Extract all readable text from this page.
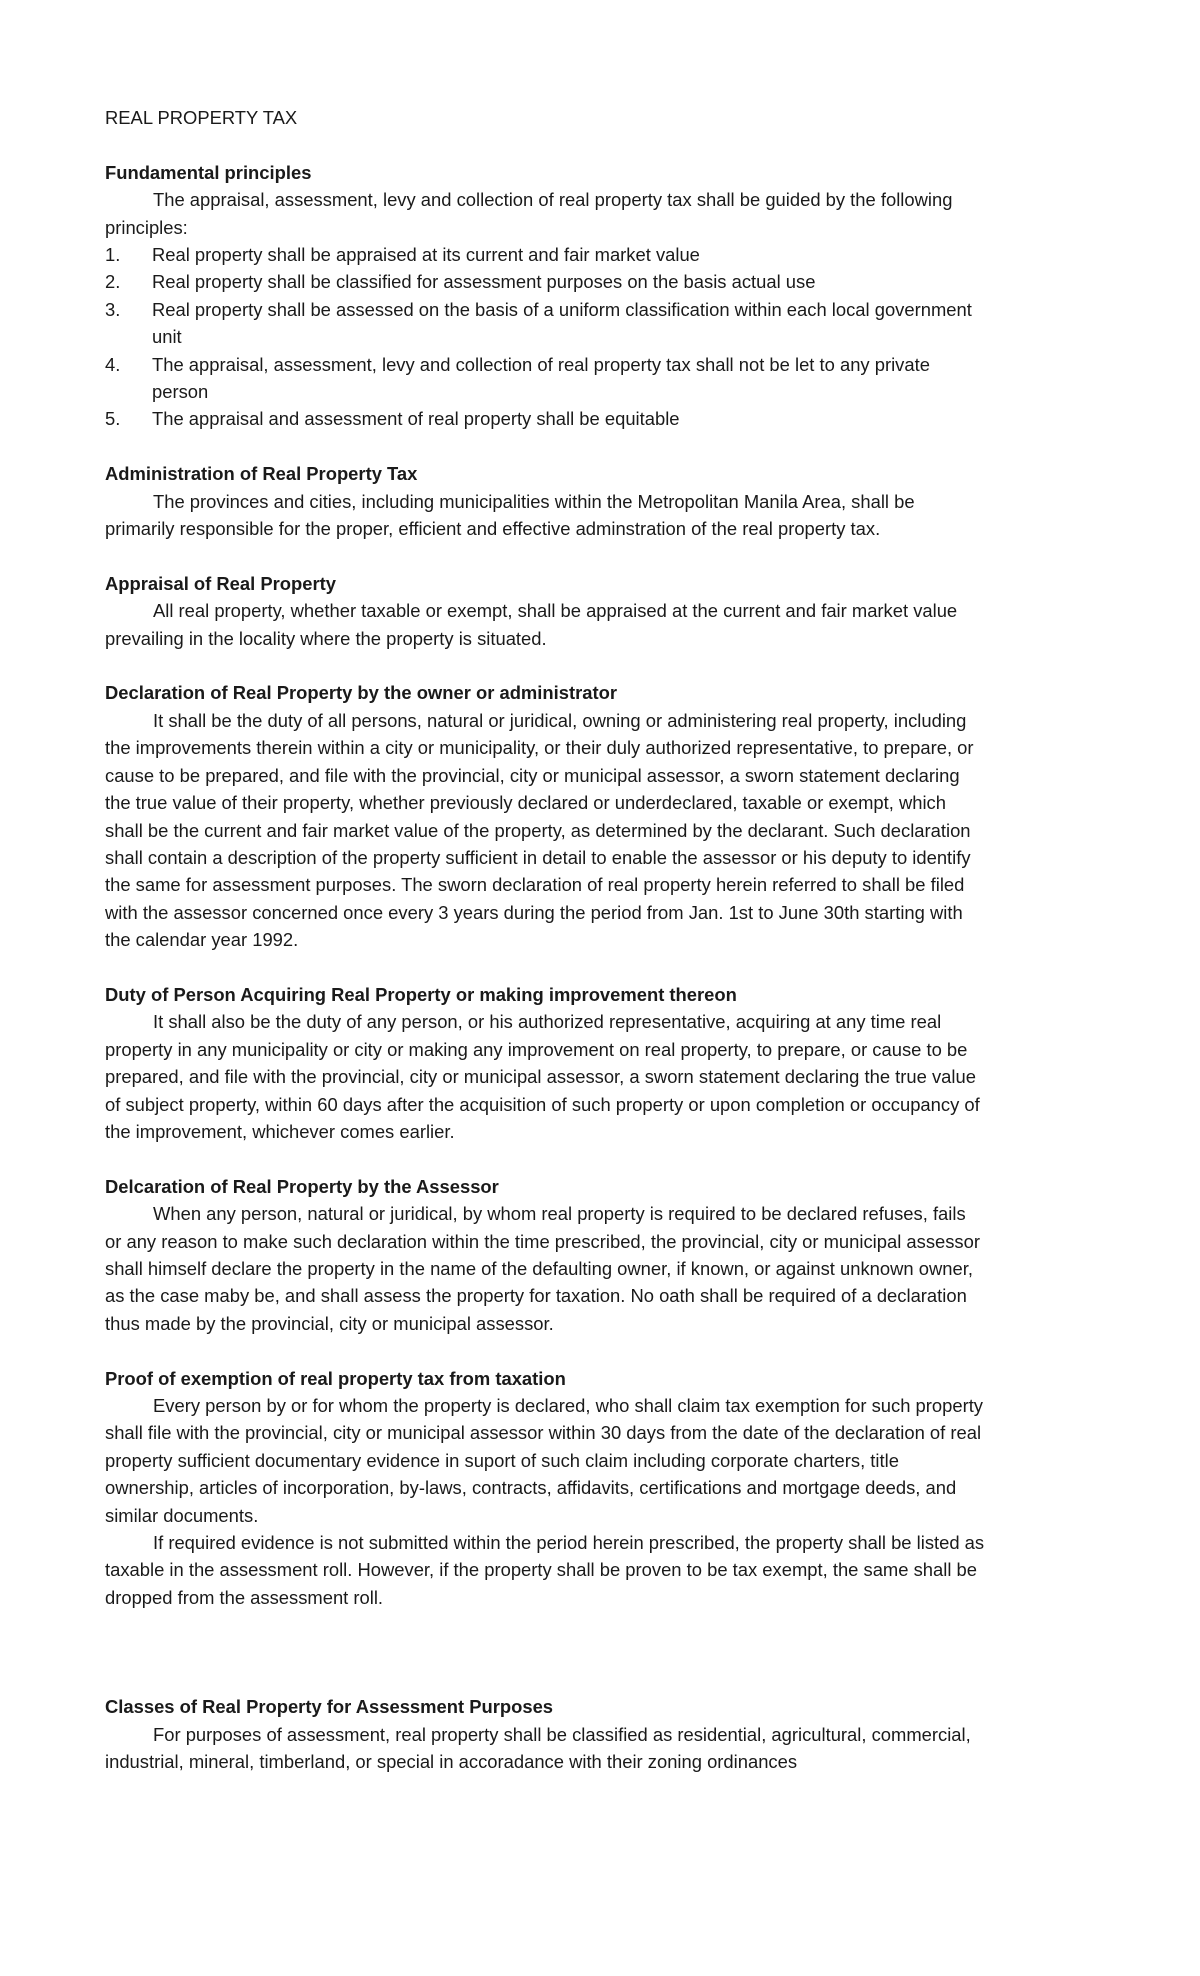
REAL PROPERTY TAX
Fundamental principles

The appraisal, assessment, levy and collection of real property tax shall be guided by the following principles:

1. Real property shall be appraised at its current and fair market value
2. Real property shall be classified for assessment purposes on the basis actual use
3. Real property shall be assessed on the basis of a uniform classification within each local government unit
4. The appraisal, assessment, levy and collection of real property tax shall not be let to any private person
5. The appraisal and assessment of real property shall be equitable
Administration of Real Property Tax

The provinces and cities, including municipalities within the Metropolitan Manila Area, shall be primarily responsible for the proper, efficient and effective adminstration of the real property tax.

Appraisal of Real Property

All real property, whether taxable or exempt, shall be appraised at the current and fair market value prevailing in the locality where the property is situated.

Declaration of Real Property by the owner or administrator

It shall be the duty of all persons, natural or juridical, owning or administering real property, including the improvements therein within a city or municipality, or their duly authorized representative, to prepare, or cause to be prepared, and file with the provincial, city or municipal assessor, a sworn statement declaring the true value of their property, whether previously declared or underdeclared, taxable or exempt, which shall be the current and fair market value of the property, as determined by the declarant. Such declaration shall contain a description of the property sufficient in detail to enable the assessor or his deputy to identify the same for assessment purposes. The sworn declaration of real property herein referred to shall be filed with the assessor concerned once every 3 years during the period from Jan. 1st to June 30th starting with the calendar year 1992.

Duty of Person Acquiring Real Property or making improvement thereon

It shall also be the duty of any person, or his authorized representative, acquiring at any time real property in any municipality or city or making any improvement on real property, to prepare, or cause to be prepared, and file with the provincial, city or municipal assessor, a sworn statement declaring the true value of subject property, within 60 days after the acquisition of such property or upon completion or occupancy of the improvement, whichever comes earlier.

Delcaration of Real Property by the Assessor

When any person, natural or juridical, by whom real property is required to be declared refuses, fails or any reason to make such declaration within the time prescribed, the provincial, city or municipal assessor shall himself declare the property in the name of the defaulting owner, if known, or against unknown owner, as the case maby be, and shall assess the property for taxation. No oath shall be required of a declaration thus made by the provincial, city or municipal assessor.

Proof of exemption of real property tax from taxation

Every person by or for whom the property is declared, who shall claim tax exemption for such property shall file with the provincial, city or municipal assessor within 30 days from the date of the declaration of real property sufficient documentary evidence in suport of such claim including corporate charters, title ownership, articles of incorporation, by-laws, contracts, affidavits, certifications and mortgage deeds, and similar documents.

If required evidence is not submitted within the period herein prescribed, the property shall be listed as taxable in the assessment roll. However, if the property shall be proven to be tax exempt, the same shall be dropped from the assessment roll.

Classes of Real Property for Assessment Purposes

For purposes of assessment, real property shall be classified as residential, agricultural, commercial, industrial, mineral, timberland, or special in accoradance with their zoning ordinances
